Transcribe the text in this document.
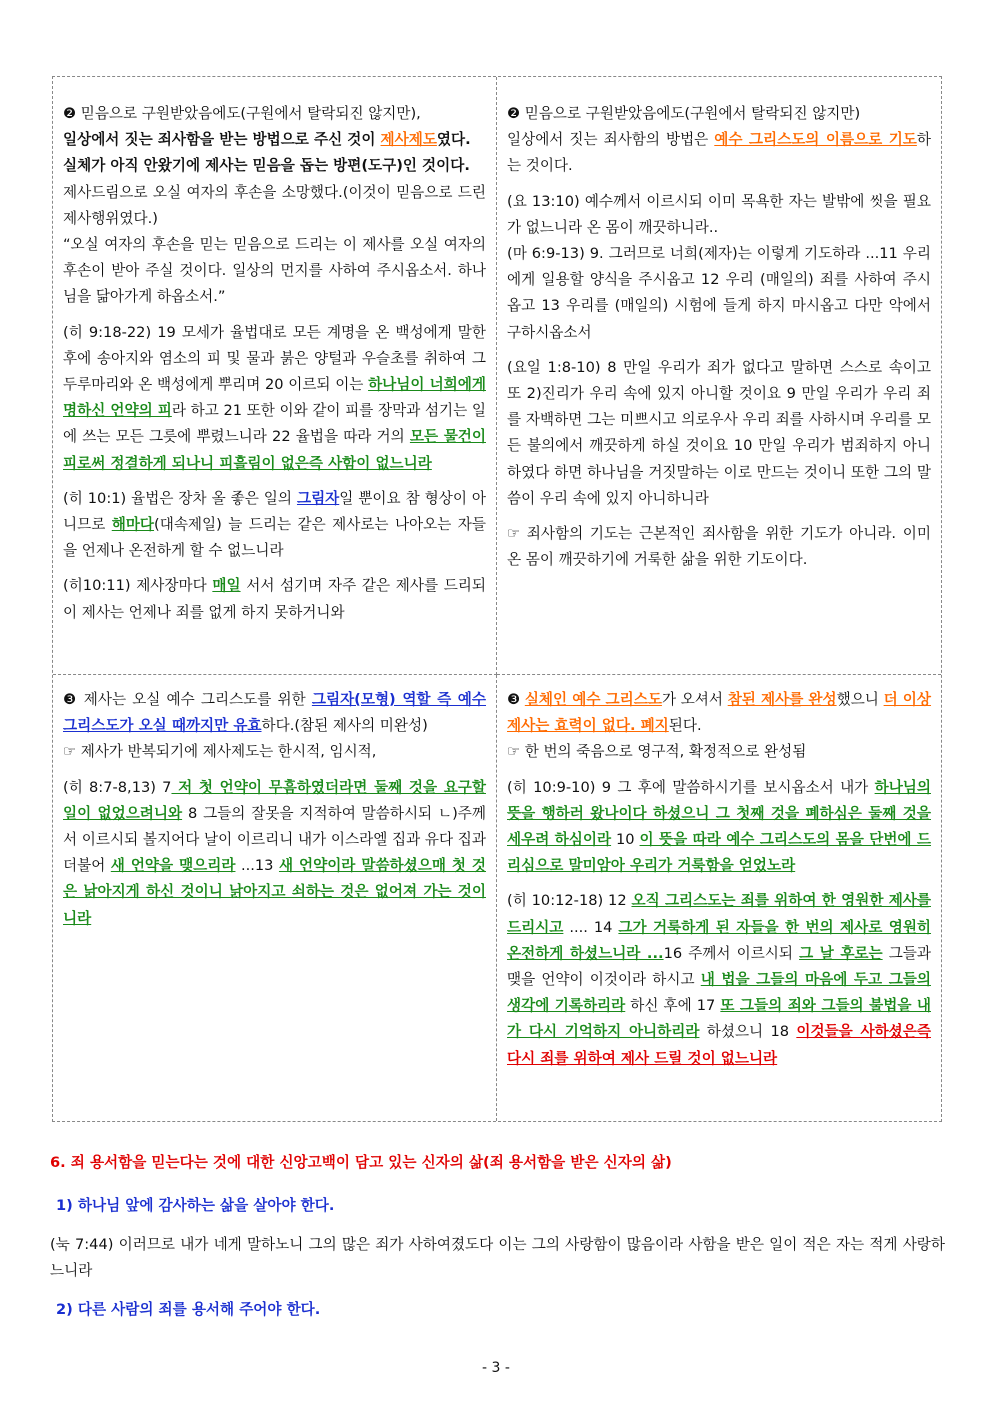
❷ 믿음으로 구원받았음에도(구원에서 탈락되진 않지만),

일상에서 짓는 죄사함을 받는 방법으로 주신 것이 제사제도였다.

실체가 아직 안왔기에 제사는 믿음을 돕는 방편(도구)인 것이다.

제사드림으로 오실 여자의 후손을 소망했다.(이것이 믿음으로 드린 제사행위였다.)

“오실 여자의 후손을 믿는 믿음으로 드리는 이 제사를 오실 여자의 후손이 받아 주실 것이다. 일상의 먼지를 사하여 주시옵소서. 하나님을 닮아가게 하옵소서.”

(히 9:18-22) 19 모세가 율법대로 모든 계명을 온 백성에게 말한 후에 송아지와 염소의 피 및 물과 붉은 양털과 우슬초를 취하여 그 두루마리와 온 백성에게 뿌리며 20 이르되 이는 하나님이 너희에게 명하신 언약의 피라 하고 21 또한 이와 같이 피를 장막과 섬기는 일에 쓰는 모든 그릇에 뿌렸느니라 22 율법을 따라 거의 모든 물건이 피로써 정결하게 되나니 피흘림이 없은즉 사함이 없느니라

(히 10:1) 율법은 장차 올 좋은 일의 그림자일 뿐이요 참 형상이 아니므로 해마다(대속제일) 늘 드리는 같은 제사로는 나아오는 자들을 언제나 온전하게 할 수 없느니라

(히10:11) 제사장마다 매일 서서 섬기며 자주 같은 제사를 드리되 이 제사는 언제나 죄를 없게 하지 못하거니와

❷ 믿음으로 구원받았음에도(구원에서 탈락되진 않지만)

일상에서 짓는 죄사함의 방법은 예수 그리스도의 이름으로 기도하는 것이다.

(요 13:10) 예수께서 이르시되 이미 목욕한 자는 발밖에 씻을 필요가 없느니라 온 몸이 깨끗하니라..

(마 6:9-13) 9. 그러므로 너희(제자)는 이렇게 기도하라 ...11 우리에게 일용할 양식을 주시옵고 12 우리 (매일의) 죄를 사하여 주시옵고 13 우리를 (매일의) 시험에 들게 하지 마시옵고 다만 악에서 구하시옵소서

(요일 1:8-10) 8 만일 우리가 죄가 없다고 말하면 스스로 속이고 또 2)진리가 우리 속에 있지 아니할 것이요 9 만일 우리가 우리 죄를 자백하면 그는 미쁘시고 의로우사 우리 죄를 사하시며 우리를 모든 불의에서 깨끗하게 하실 것이요 10 만일 우리가 범죄하지 아니하였다 하면 하나님을 거짓말하는 이로 만드는 것이니 또한 그의 말씀이 우리 속에 있지 아니하니라

☞ 죄사함의 기도는 근본적인 죄사함을 위한 기도가 아니라. 이미 온 몸이 깨끗하기에 거룩한 삶을 위한 기도이다.

❸ 제사는 오실 예수 그리스도를 위한 그림자(모형) 역할 즉 예수 그리스도가 오실 때까지만 유효하다.(참된 제사의 미완성)

☞ 제사가 반복되기에 제사제도는 한시적, 임시적,

(히 8:7-8,13) 7 저 첫 언약이 무흠하였더라면 둘째 것을 요구할 일이 없었으려니와 8 그들의 잘못을 지적하여 말씀하시되 ㄴ)주께서 이르시되 볼지어다 날이 이르리니 내가 이스라엘 집과 유다 집과 더불어 새 언약을 맺으리라 ...13 새 언약이라 말씀하셨으매 첫 것은 낡아지게 하신 것이니 낡아지고 쇠하는 것은 없어져 가는 것이니라

❸ 실체인 예수 그리스도가 오셔서 참된 제사를 완성했으니 더 이상 제사는 효력이 없다. 폐지된다.

☞ 한 번의 죽음으로 영구적, 확정적으로 완성됨

(히 10:9-10) 9 그 후에 말씀하시기를 보시옵소서 내가 하나님의 뜻을 행하러 왔나이다 하셨으니 그 첫째 것을 폐하심은 둘째 것을 세우려 하심이라 10 이 뜻을 따라 예수 그리스도의 몸을 단번에 드리심으로 말미암아 우리가 거룩함을 얻었노라

(히 10:12-18) 12 오직 그리스도는 죄를 위하여 한 영원한 제사를 드리시고 .... 14 그가 거룩하게 된 자들을 한 번의 제사로 영원히 온전하게 하셨느니라 ...16 주께서 이르시되 그 날 후로는 그들과 맺을 언약이 이것이라 하시고 내 법을 그들의 마음에 두고 그들의 생각에 기록하리라 하신 후에 17 또 그들의 죄와 그들의 불법을 내가 다시 기억하지 아니하리라 하셨으니 18 이것들을 사하셨은즉 다시 죄를 위하여 제사 드릴 것이 없느니라

6. 죄 용서함을 믿는다는 것에 대한 신앙고백이 담고 있는 신자의 삶(죄 용서함을 받은 신자의 삶)
1) 하나님 앞에 감사하는 삶을 살아야 한다.
(눅 7:44) 이러므로 내가 네게 말하노니 그의 많은 죄가 사하여졌도다 이는 그의 사랑함이 많음이라 사함을 받은 일이 적은 자는 적게 사랑하느니라
2) 다른 사람의 죄를 용서해 주어야 한다.
- 3 -
